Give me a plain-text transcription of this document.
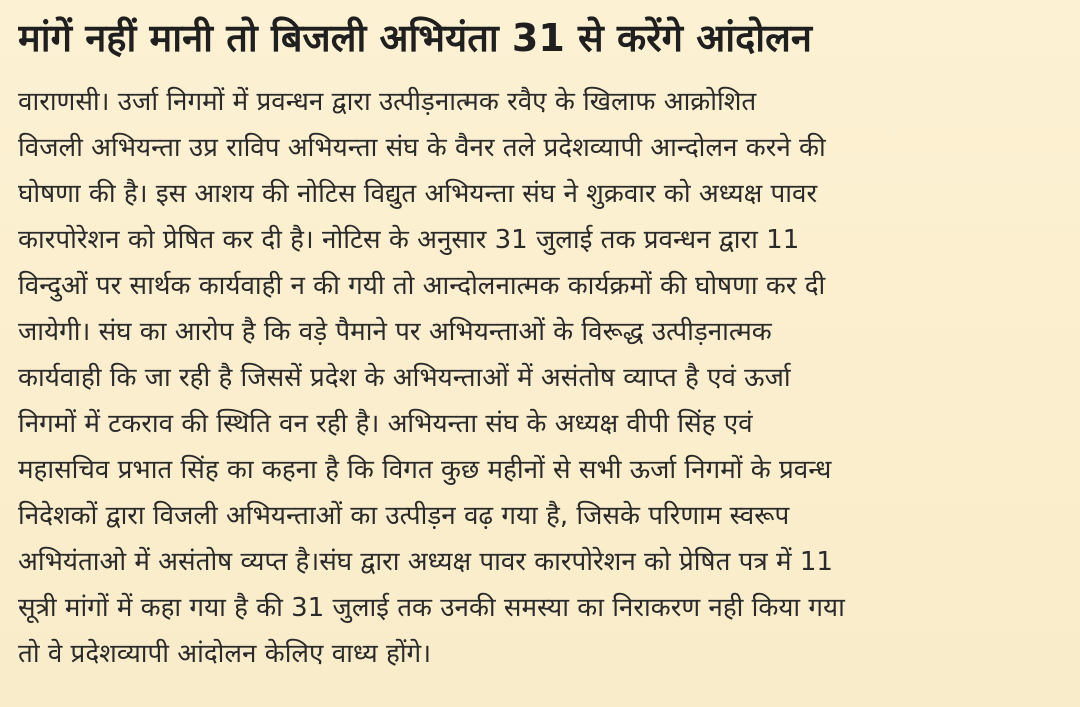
मांगें नहीं मानी तो बिजली अभियंता 31 से करेंगे आंदोलन
वाराणसी। उर्जा निगमों में प्रवन्धन द्वारा उत्पीड़नात्मक रवैए के खिलाफ आक्रोशित
विजली अभियन्ता उप्र राविप अभियन्ता संघ के वैनर तले प्रदेशव्यापी आन्दोलन करने की
घोषणा की है। इस आशय की नोटिस विद्युत अभियन्ता संघ ने शुक्रवार को अध्यक्ष पावर
कारपोरेशन को प्रेषित कर दी है। नोटिस के अनुसार 31 जुलाई तक प्रवन्धन द्वारा 11
विन्दुओं पर सार्थक कार्यवाही न की गयी तो आन्दोलनात्मक कार्यक्रमों की घोषणा कर दी
जायेगी। संघ का आरोप है कि वड़े पैमाने पर अभियन्ताओं के विरूद्ध उत्पीड़नात्मक
कार्यवाही कि जा रही है जिससें प्रदेश के अभियन्ताओं में असंतोष व्याप्त है एवं ऊर्जा
निगमों में टकराव की स्थिति वन रही है। अभियन्ता संघ के अध्यक्ष वीपी सिंह एवं
महासचिव प्रभात सिंह का कहना है कि विगत कुछ महीनों से सभी ऊर्जा निगमों के प्रवन्ध
निदेशकों द्वारा विजली अभियन्ताओं का उत्पीड़न वढ़ गया है, जिसके परिणाम स्वरूप
अभियंताओ में असंतोष व्यप्त है।संघ द्वारा अध्यक्ष पावर कारपोरेशन को प्रेषित पत्र में 11
सूत्री मांगों में कहा गया है की 31 जुलाई तक उनकी समस्या का निराकरण नही किया गया
तो वे प्रदेशव्यापी आंदोलन केलिए वाध्य होंगे।
